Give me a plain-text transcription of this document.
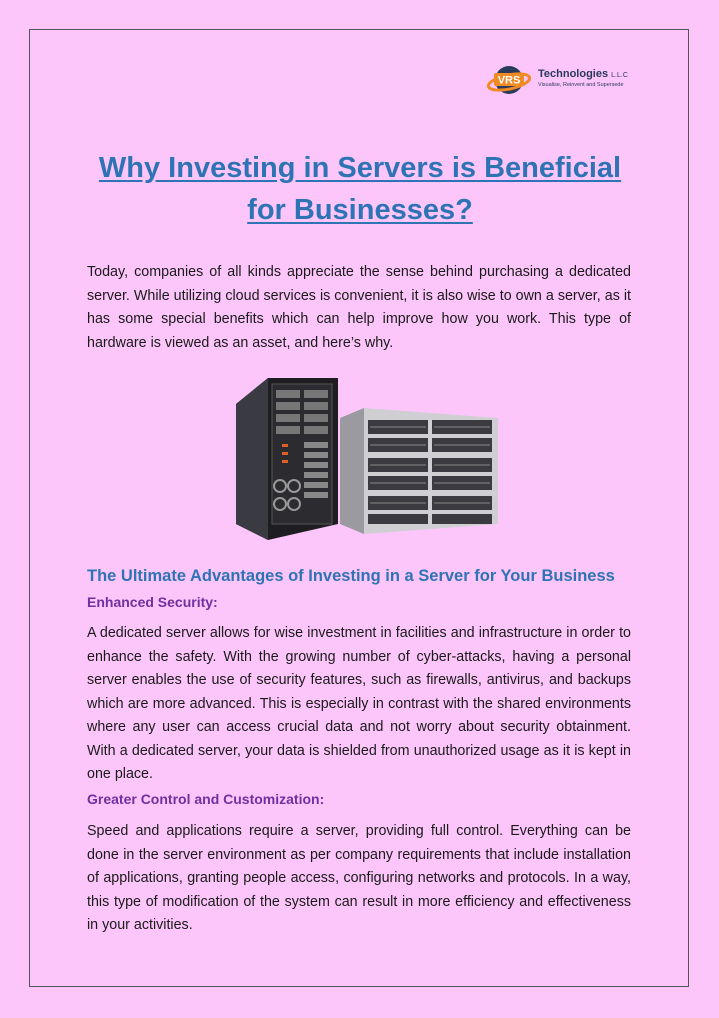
VRS
Technologies L.L.C
Visualise, Reinvent and Supersede
Why Investing in Servers is Beneficial
for Businesses?

Today, companies of all kinds appreciate the sense behind purchasing a dedicated server. While utilizing cloud services is convenient, it is also wise to own a server, as it has some special benefits which can help improve how you work. This type of hardware is viewed as an asset, and here’s why.

The Ultimate Advantages of Investing in a Server for Your Business
Enhanced Security:

A dedicated server allows for wise investment in facilities and infrastructure in order to enhance the safety. With the growing number of cyber-attacks, having a personal server enables the use of security features, such as firewalls, antivirus, and backups which are more advanced. This is especially in contrast with the shared environments where any user can access crucial data and not worry about security obtainment. With a dedicated server, your data is shielded from unauthorized usage as it is kept in one place.

Greater Control and Customization:

Speed and applications require a server, providing full control. Everything can be done in the server environment as per company requirements that include installation of applications, granting people access, configuring networks and protocols. In a way, this type of modification of the system can result in more efficiency and effectiveness in your activities.
